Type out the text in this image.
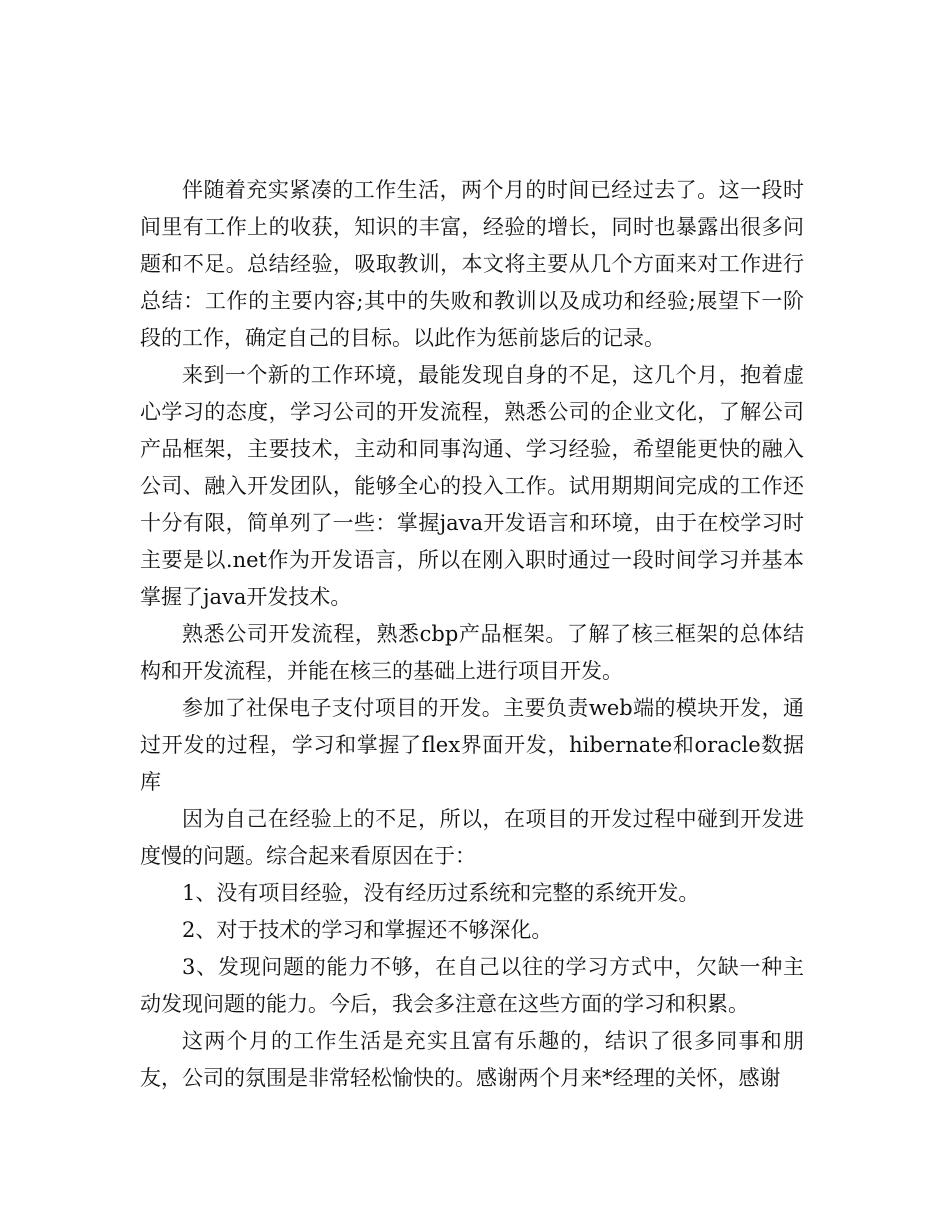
伴随着充实紧凑的工作生活，两个月的时间已经过去了。这一段时间里有工作上的收获，知识的丰富，经验的增长，同时也暴露出很多问题和不足。总结经验，吸取教训，本文将主要从几个方面来对工作进行总结：工作的主要内容;其中的失败和教训以及成功和经验;展望下一阶段的工作，确定自己的目标。以此作为惩前毖后的记录。

来到一个新的工作环境，最能发现自身的不足，这几个月，抱着虚心学习的态度，学习公司的开发流程，熟悉公司的企业文化，了解公司产品框架，主要技术，主动和同事沟通、学习经验，希望能更快的融入公司、融入开发团队，能够全心的投入工作。试用期期间完成的工作还十分有限，简单列了一些：掌握java开发语言和环境，由于在校学习时主要是以.net作为开发语言，所以在刚入职时通过一段时间学习并基本掌握了java开发技术。

熟悉公司开发流程，熟悉cbp产品框架。了解了核三框架的总体结构和开发流程，并能在核三的基础上进行项目开发。

参加了社保电子支付项目的开发。主要负责web端的模块开发，通过开发的过程，学习和掌握了flex界面开发，hibernate和oracle数据库

因为自己在经验上的不足，所以，在项目的开发过程中碰到开发进度慢的问题。综合起来看原因在于：

1、没有项目经验，没有经历过系统和完整的系统开发。

2、对于技术的学习和掌握还不够深化。

3、发现问题的能力不够，在自己以往的学习方式中，欠缺一种主动发现问题的能力。今后，我会多注意在这些方面的学习和积累。

这两个月的工作生活是充实且富有乐趣的，结识了很多同事和朋友，公司的氛围是非常轻松愉快的。感谢两个月来*经理的关怀，感谢
